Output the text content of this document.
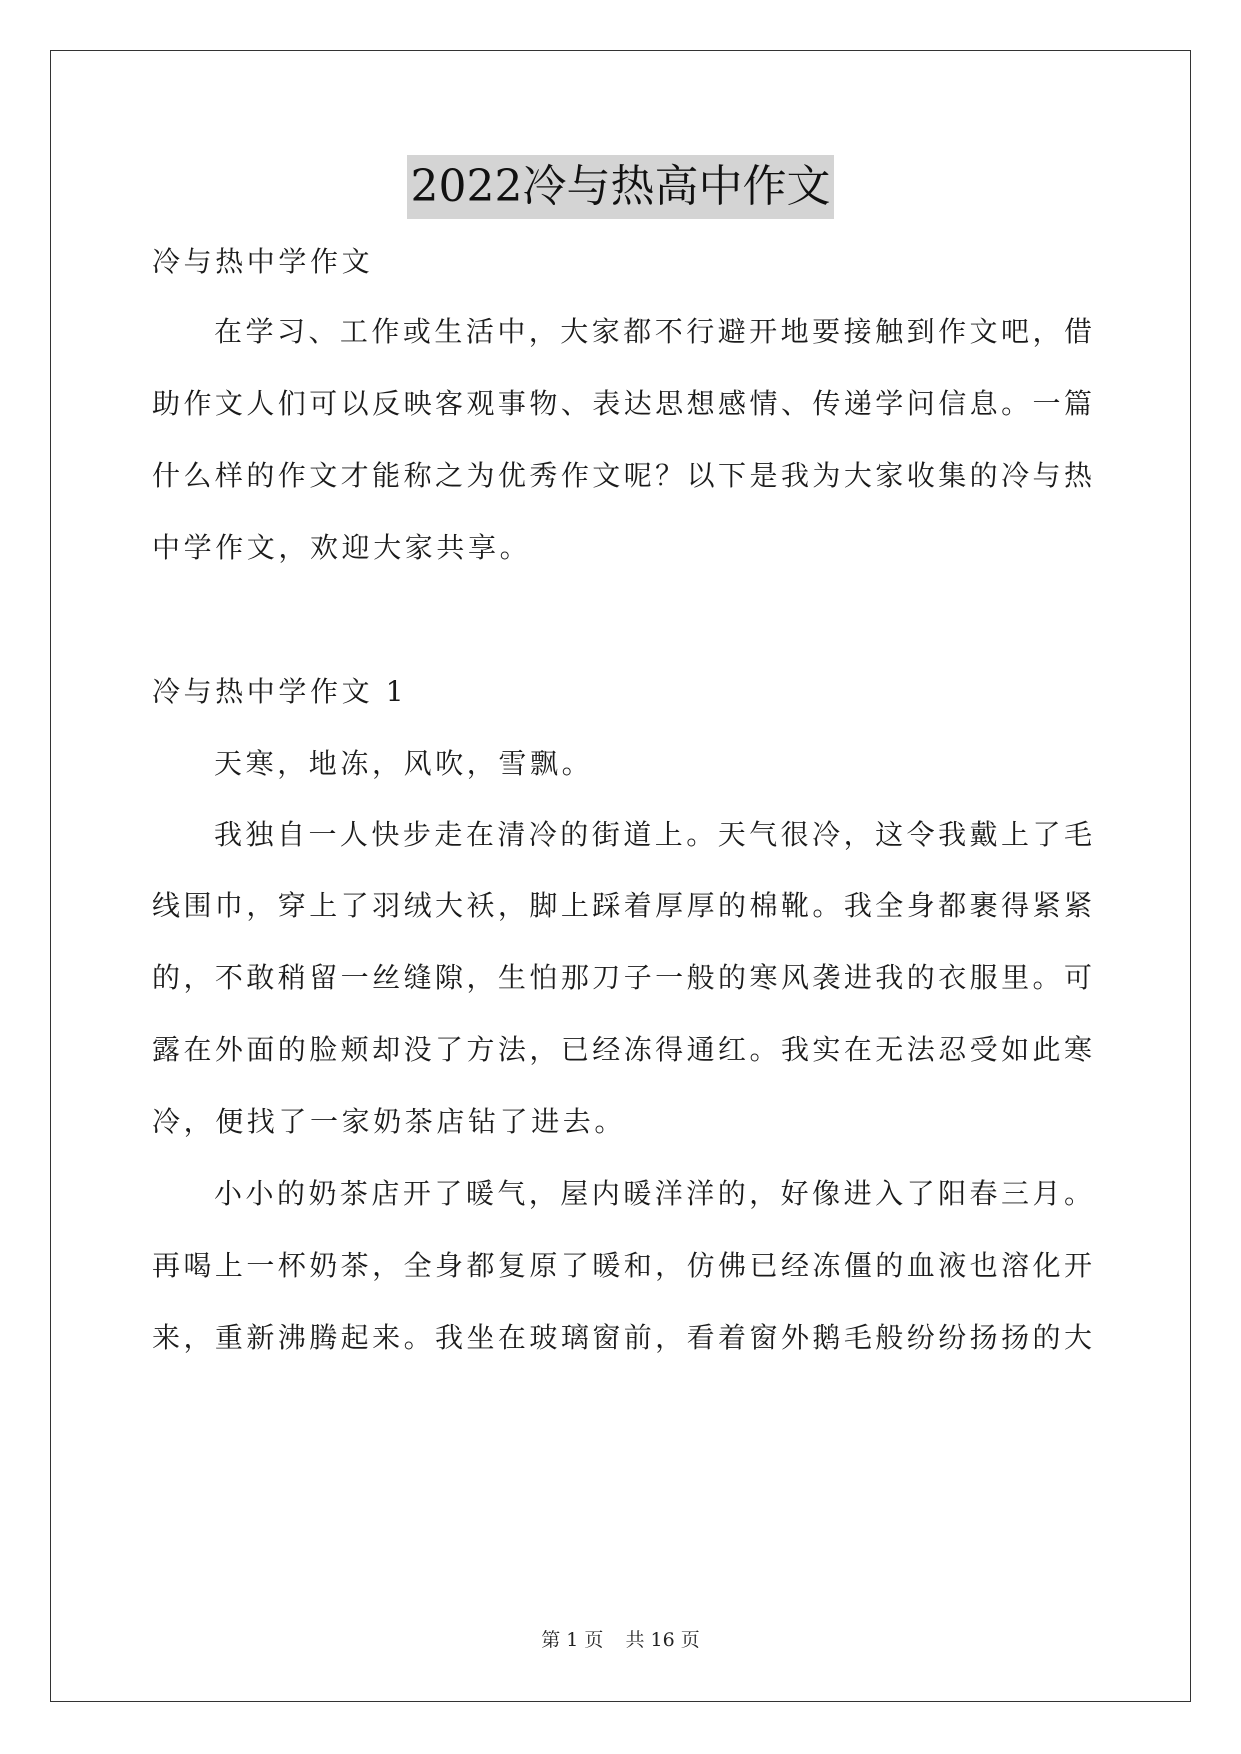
2022冷与热高中作文
冷与热中学作文
在学习、工作或生活中，大家都不行避开地要接触到作文吧，借
助作文人们可以反映客观事物、表达思想感情、传递学问信息。一篇
什么样的作文才能称之为优秀作文呢？以下是我为大家收集的冷与热
中学作文，欢迎大家共享。
冷与热中学作文 1
天寒，地冻，风吹，雪飘。
我独自一人快步走在清冷的街道上。天气很冷，这令我戴上了毛
线围巾，穿上了羽绒大袄，脚上踩着厚厚的棉靴。我全身都裹得紧紧
的，不敢稍留一丝缝隙，生怕那刀子一般的寒风袭进我的衣服里。可
露在外面的脸颊却没了方法，已经冻得通红。我实在无法忍受如此寒
冷，便找了一家奶茶店钻了进去。
小小的奶茶店开了暖气，屋内暖洋洋的，好像进入了阳春三月。
再喝上一杯奶茶，全身都复原了暖和，仿佛已经冻僵的血液也溶化开
来，重新沸腾起来。我坐在玻璃窗前，看着窗外鹅毛般纷纷扬扬的大
第 1 页 共 16 页
